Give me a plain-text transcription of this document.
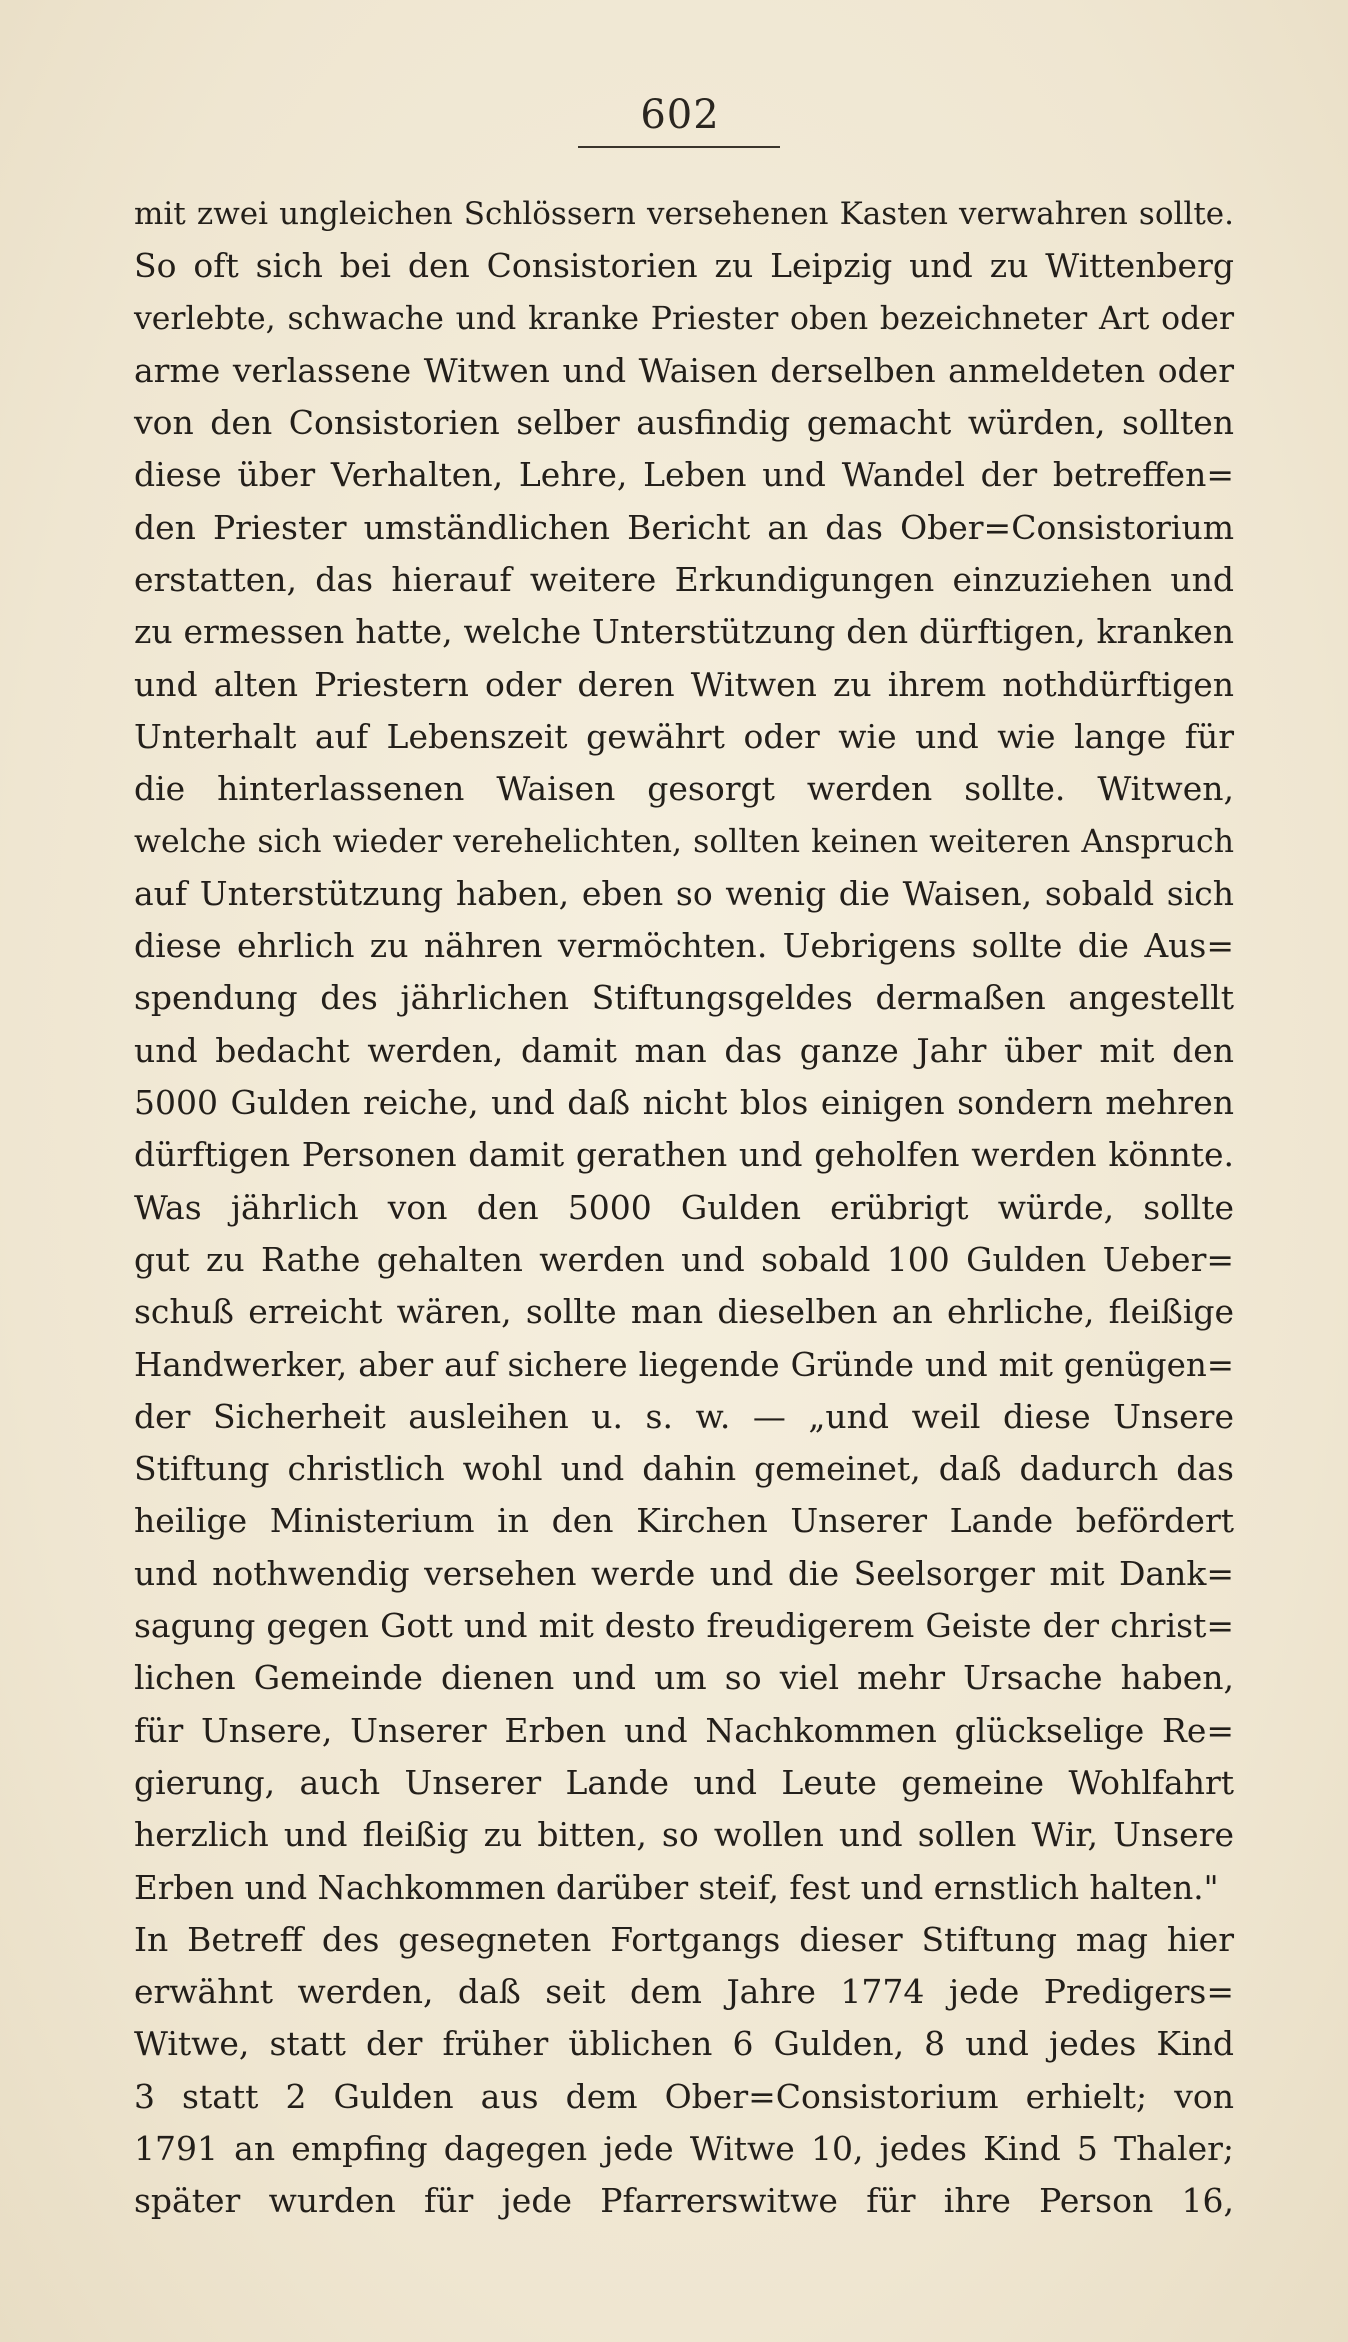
602
mit zwei ungleichen Schlössern versehenen Kasten verwahren sollte.
So oft sich bei den Consistorien zu Leipzig und zu Wittenberg
verlebte, schwache und kranke Priester oben bezeichneter Art oder
arme verlassene Witwen und Waisen derselben anmeldeten oder
von den Consistorien selber ausfindig gemacht würden, sollten
diese über Verhalten, Lehre, Leben und Wandel der betreffen=
den Priester umständlichen Bericht an das Ober=Consistorium
erstatten, das hierauf weitere Erkundigungen einzuziehen und
zu ermessen hatte, welche Unterstützung den dürftigen, kranken
und alten Priestern oder deren Witwen zu ihrem nothdürftigen
Unterhalt auf Lebenszeit gewährt oder wie und wie lange für
die hinterlassenen Waisen gesorgt werden sollte. Witwen,
welche sich wieder verehelichten, sollten keinen weiteren Anspruch
auf Unterstützung haben, eben so wenig die Waisen, sobald sich
diese ehrlich zu nähren vermöchten. Uebrigens sollte die Aus=
spendung des jährlichen Stiftungsgeldes dermaßen angestellt
und bedacht werden, damit man das ganze Jahr über mit den
5000 Gulden reiche, und daß nicht blos einigen sondern mehren
dürftigen Personen damit gerathen und geholfen werden könnte.
Was jährlich von den 5000 Gulden erübrigt würde, sollte
gut zu Rathe gehalten werden und sobald 100 Gulden Ueber=
schuß erreicht wären, sollte man dieselben an ehrliche, fleißige
Handwerker, aber auf sichere liegende Gründe und mit genügen=
der Sicherheit ausleihen u. s. w. — „und weil diese Unsere
Stiftung christlich wohl und dahin gemeinet, daß dadurch das
heilige Ministerium in den Kirchen Unserer Lande befördert
und nothwendig versehen werde und die Seelsorger mit Dank=
sagung gegen Gott und mit desto freudigerem Geiste der christ=
lichen Gemeinde dienen und um so viel mehr Ursache haben,
für Unsere, Unserer Erben und Nachkommen glückselige Re=
gierung, auch Unserer Lande und Leute gemeine Wohlfahrt
herzlich und fleißig zu bitten, so wollen und sollen Wir, Unsere
Erben und Nachkommen darüber steif, fest und ernstlich halten."
In Betreff des gesegneten Fortgangs dieser Stiftung mag hier
erwähnt werden, daß seit dem Jahre 1774 jede Predigers=
Witwe, statt der früher üblichen 6 Gulden, 8 und jedes Kind
3 statt 2 Gulden aus dem Ober=Consistorium erhielt; von
1791 an empfing dagegen jede Witwe 10, jedes Kind 5 Thaler;
später wurden für jede Pfarrerswitwe für ihre Person 16,
